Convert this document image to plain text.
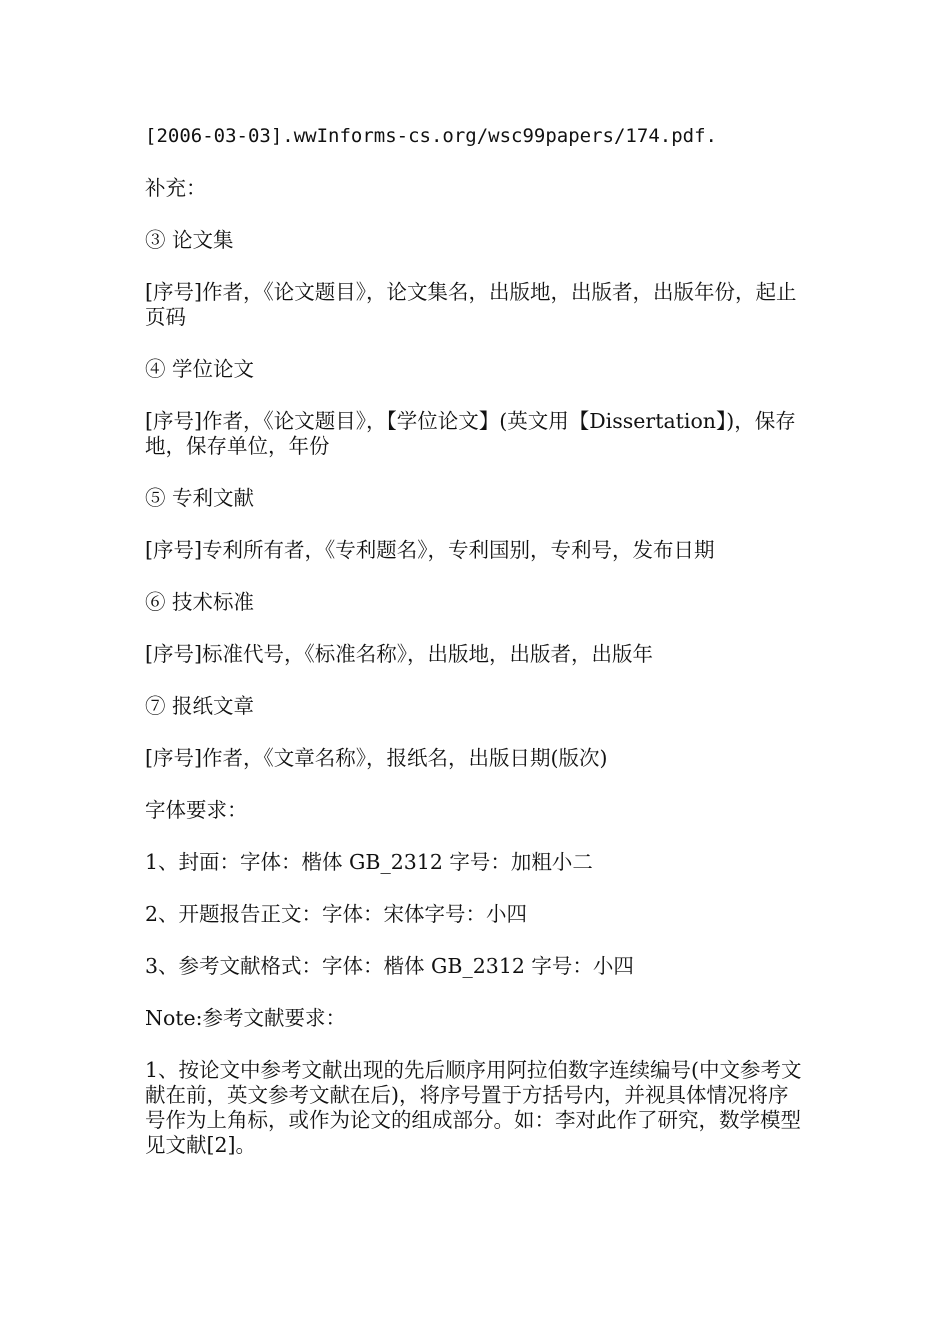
[2006-03-03].wwInforms-cs.org/wsc99papers/174.pdf.

补充：

③ 论文集

[序号]作者，《论文题目》，论文集名，出版地，出版者，出版年份，起止页码

④ 学位论文

[序号]作者，《论文题目》，【学位论文】(英文用【Dissertation】)，保存地，保存单位，年份

⑤ 专利文献

[序号]专利所有者，《专利题名》，专利国别，专利号，发布日期

⑥ 技术标准

[序号]标准代号，《标准名称》，出版地，出版者，出版年

⑦ 报纸文章

[序号]作者，《文章名称》，报纸名，出版日期(版次)

字体要求：

1、封面：字体：楷体 GB_2312 字号：加粗小二

2、开题报告正文：字体：宋体字号：小四

3、参考文献格式：字体：楷体 GB_2312 字号：小四

Note:参考文献要求：

1、按论文中参考文献出现的先后顺序用阿拉伯数字连续编号(中文参考文献在前，英文参考文献在后)，将序号置于方括号内，并视具体情况将序号作为上角标，或作为论文的组成部分。如：李对此作了研究，数学模型见文献[2]。
